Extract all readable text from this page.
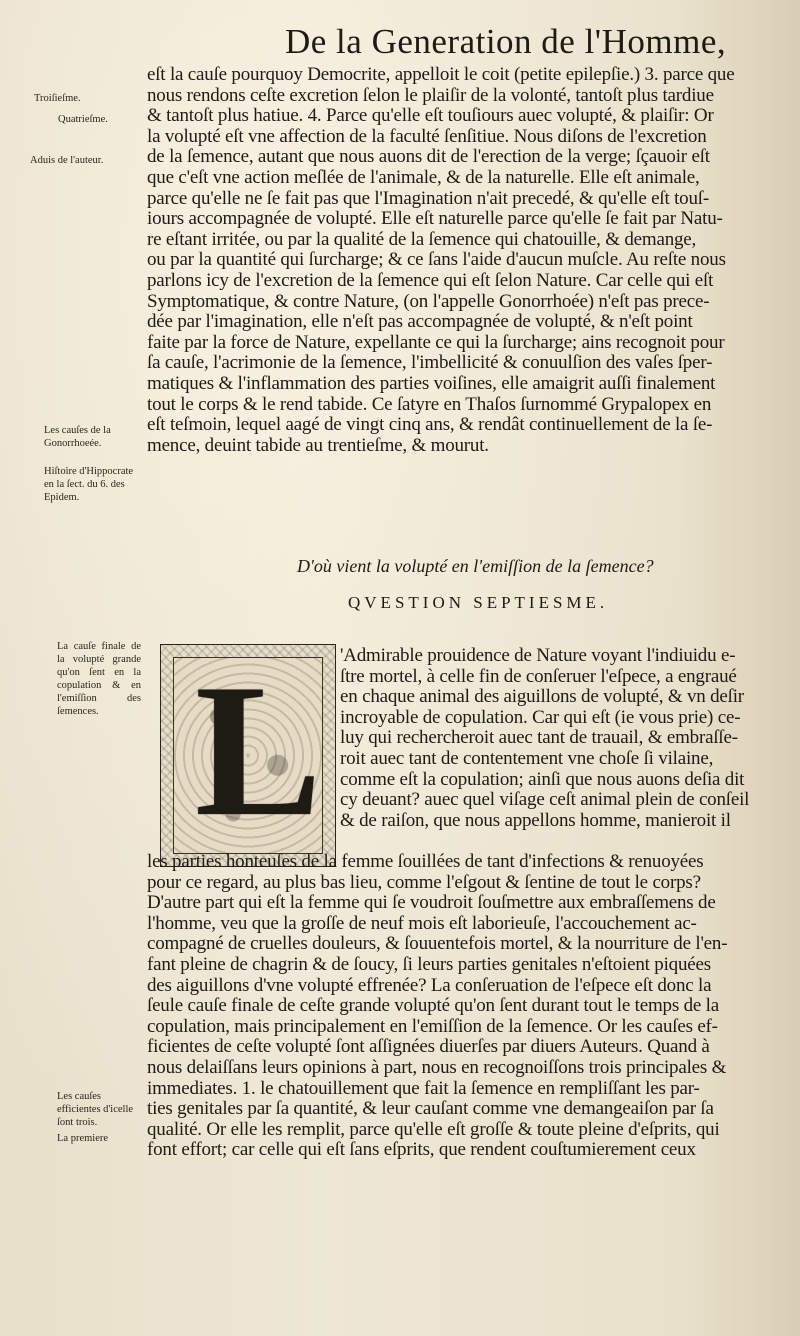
De la Generation de l'Homme,
Troiſieſme.
Quatrieſme.
Aduis de l'auteur.
Les cauſes de la Gonorrhoeée.
Hiſtoire d'Hippocrate en la ſect. du 6. des Epidem.
La cauſe finale de la volupté grande qu'on ſent en la copulation & en l'emiſſion des ſemences.
Les cauſes efficientes d'icelle ſont trois.
La premiere
eſt la cauſe pourquoy Democrite, appelloit le coit (petite epilepſie.) 3. parce que
nous rendons ceſte excretion ſelon le plaiſir de la volonté, tantoſt plus tardiue
& tantoſt plus hatiue. 4. Parce qu'elle eſt touſiours auec volupté, & plaiſir: Or
la volupté eſt vne affection de la faculté ſenſitiue. Nous diſons de l'excretion
de la ſemence, autant que nous auons dit de l'erection de la verge; ſçauoir eſt
que c'eſt vne action meſlée de l'animale, & de la naturelle. Elle eſt animale,
parce qu'elle ne ſe fait pas que l'Imagination n'ait precedé, & qu'elle eſt touſ-
iours accompagnée de volupté. Elle eſt naturelle parce qu'elle ſe fait par Natu-
re eſtant irritée, ou par la qualité de la ſemence qui chatouille, & demange,
ou par la quantité qui ſurcharge; & ce ſans l'aide d'aucun muſcle. Au reſte nous
parlons icy de l'excretion de la ſemence qui eſt ſelon Nature. Car celle qui eſt
Symptomatique, & contre Nature, (on l'appelle Gonorrhoée) n'eſt pas prece-
dée par l'imagination, elle n'eſt pas accompagnée de volupté, & n'eſt point
faite par la force de Nature, expellante ce qui la ſurcharge; ains recognoit pour
ſa cauſe, l'acrimonie de la ſemence, l'imbellicité & conuulſion des vaſes ſper-
matiques & l'inflammation des parties voiſines, elle amaigrit auſſi finalement
tout le corps & le rend tabide. Ce ſatyre en Thaſos ſurnommé Grypalopex en
eſt teſmoin, lequel aagé de vingt cinq ans, & rendât continuellement de la ſe-
mence, deuint tabide au trentieſme, & mourut.
D'où vient la volupté en l'emiſſion de la ſemence?
QVESTION SEPTIESME.
L 'Admirable prouidence de Nature voyant l'indiuidu e-
ſtre mortel, à celle fin de conſeruer l'eſpece, a engraué
en chaque animal des aiguillons de volupté, & vn deſir
incroyable de copulation. Car qui eſt (ie vous prie) ce-
luy qui rechercheroit auec tant de trauail, & embraſſe-
roit auec tant de contentement vne choſe ſi vilaine,
comme eſt la copulation; ainſi que nous auons deſia dit
cy deuant? auec quel viſage ceſt animal plein de conſeil
& de raiſon, que nous appellons homme, manieroit il
les parties honteuſes de la femme ſouillées de tant d'infections & renuoyées
pour ce regard, au plus bas lieu, comme l'eſgout & ſentine de tout le corps?
D'autre part qui eſt la femme qui ſe voudroit ſouſmettre aux embraſſemens de
l'homme, veu que la groſſe de neuf mois eſt laborieuſe, l'accouchement ac-
compagné de cruelles douleurs, & ſouuentefois mortel, & la nourriture de l'en-
fant pleine de chagrin & de ſoucy, ſi leurs parties genitales n'eſtoient piquées
des aiguillons d'vne volupté effrenée? La conſeruation de l'eſpece eſt donc la
ſeule cauſe finale de ceſte grande volupté qu'on ſent durant tout le temps de la
copulation, mais principalement en l'emiſſion de la ſemence. Or les cauſes ef-
ficientes de ceſte volupté ſont aſſignées diuerſes par diuers Auteurs. Quand à
nous delaiſſans leurs opinions à part, nous en recognoiſſons trois principales &
immediates. 1. le chatouillement que fait la ſemence en rempliſſant les par-
ties genitales par ſa quantité, & leur cauſant comme vne demangeaiſon par ſa
qualité. Or elle les remplit, parce qu'elle eſt groſſe & toute pleine d'eſprits, qui
font effort; car celle qui eſt ſans eſprits, que rendent couſtumierement ceux
